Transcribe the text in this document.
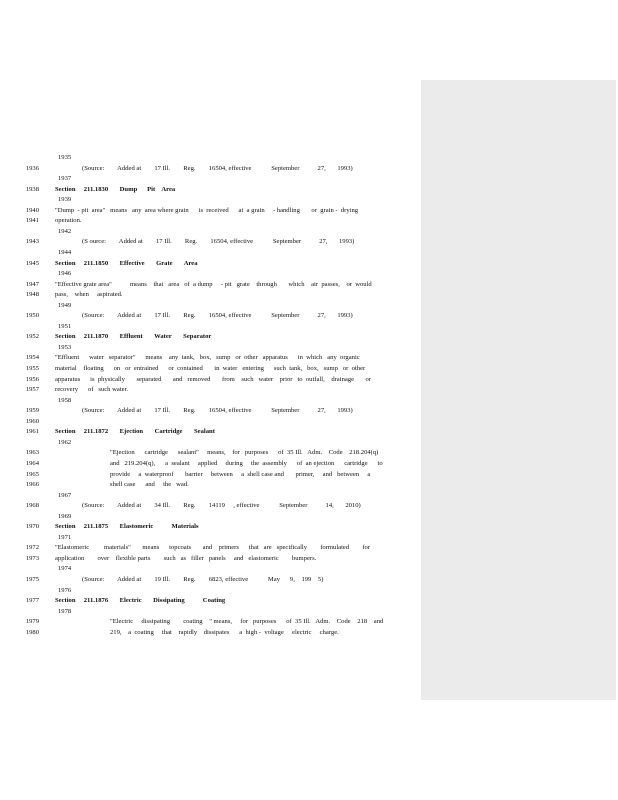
1935
1936	(Source:        Added at        17 Ill.        Reg.        16504, effective            September           27,       1993)
1937
1938 Section     211.1830       Dump      Pit    Area
1939
1940 "Dump  - pit  area"   means   any  area where grain      is  received      at  a grain     - handling       or  grain -  drying
1941 operation.
1942
1943	(S ource:        Added at        17 Ill.        Reg.        16504, effective            September           27,       1993)
1944
1945 Section     211.1850       Effective       Grate       Area
1946
1947 "Effective grate area"           means    that   area   of  a dump     - pit   grate    through       which    air  passes,    or  would
1948 pass,    when     aspirated.
1949
1950	(Source:        Added at        17 Ill.        Reg.        16504, effective            September           27,       1993)
1951
1952 Section     211.1870       Effluent       Water       Separator
1953
1954 "Effluent      water   separator"      means    any  tank,   box,   sump   or  other   apparatus      in  which   any  organic
1955 material    floating      on   or  entrained      or  contained       in  water   entering      such  tank,   box,   sump   or  other
1956 apparatus      is  physically       separated       and   removed       from    such   water    prior   to  outfall,    drainage       or
1957 recovery      of   such water.
1958
1959	(Source:        Added at        17 Ill.        Reg.        16504, effective            September           27,       1993)
1960
1961 Section     211.1872       Ejection       Cartridge       Sealant
1962
1963	"Ejection      cartridge      sealant"     means,    for   purposes      of  35 Ill.   Adm.    Code    218.204(q)
1964	and   219.204(q),      a  sealant     applied     during     the  assembly      of  an ejection      cartridge      to
1965	provide     a  waterproof       barrier     between     a  shell case and       primer,     and   between     a
1966	shell case      and     the   wad.
1967
1968	(Source:        Added at        34 Ill.        Reg.        14119     , effective            September           14,       2010)
1969
1970 Section     211.1875       Elastomeric           Materials
1971
1972 "Elastomeric         materials"       means      topcoats       and    primers      that   are   specifically        formulated        for
1973 application        over    flexible parts        such   as   filler   panels     and   elastomeric        bumpers.
1974
1975	(Source:        Added at        19 Ill.        Reg.        6823, effective            May      9,    199    5)
1976
1977 Section     211.1876       Electric       Dissipating           Coating
1978
1979	"Electric     dissipating        coating    " means,     for   purposes      of  35 Ill.   Adm.    Code    218    and
1980	219,    a  coating     that    rapidly    dissipates      a  high -  voltage     electric     charge.
